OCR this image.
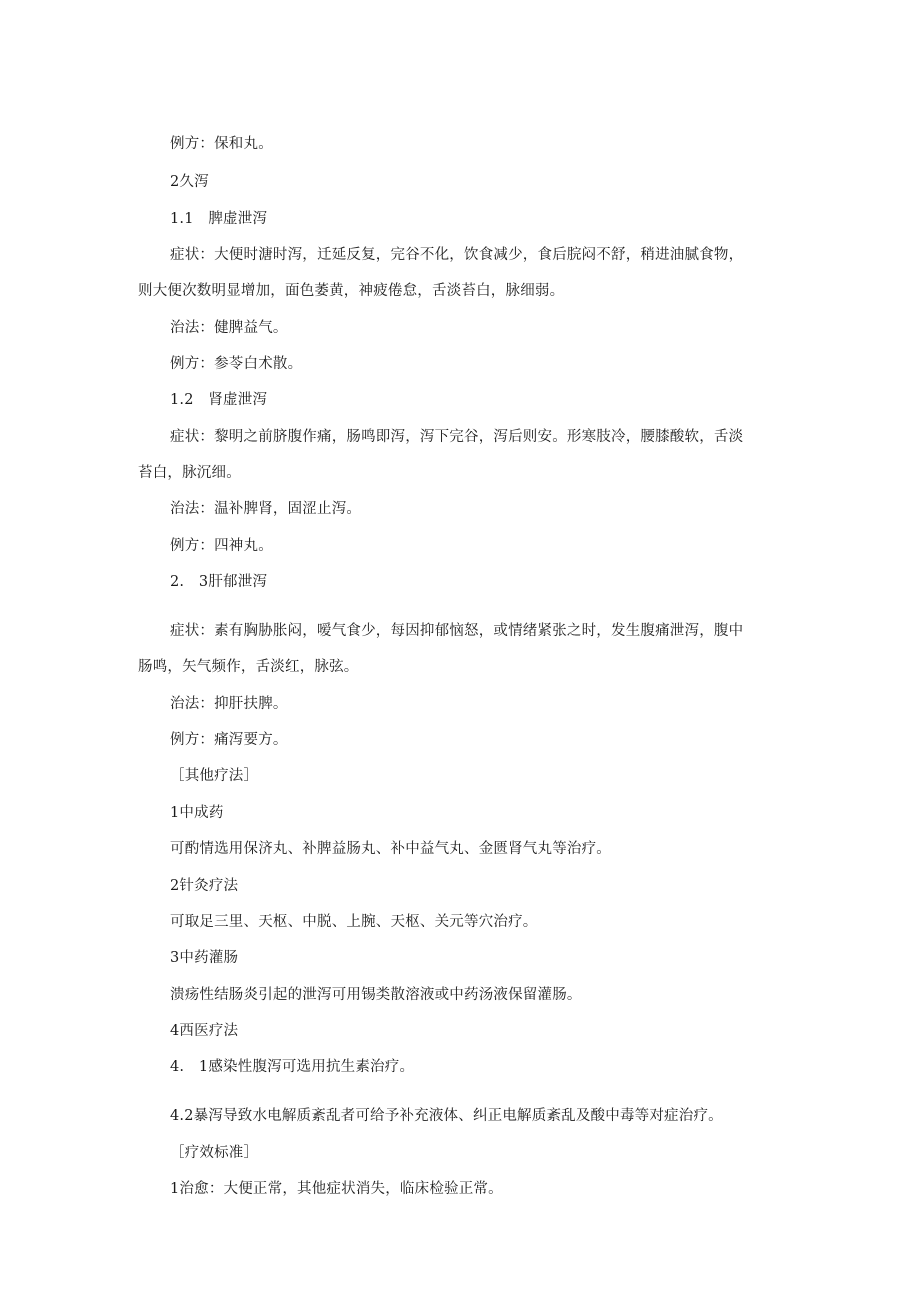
例方：保和丸。
2久泻
1.1　脾虚泄泻
症状：大便时溏时泻，迁延反复，完谷不化，饮食减少，食后脘闷不舒，稍进油腻食物，
则大便次数明显增加，面色萎黄，神疲倦怠，舌淡苔白，脉细弱。
治法：健脾益气。
例方：参苓白术散。
1.2　肾虚泄泻
症状：黎明之前脐腹作痛，肠鸣即泻，泻下完谷，泻后则安。形寒肢冷，腰膝酸软，舌淡
苔白，脉沉细。
治法：温补脾肾，固涩止泻。
例方：四神丸。
2.　3肝郁泄泻
症状：素有胸胁胀闷，嗳气食少，每因抑郁恼怒，或情绪紧张之时，发生腹痛泄泻，腹中
肠鸣，矢气频作，舌淡红，脉弦。
治法：抑肝扶脾。
例方：痛泻要方。
［其他疗法］
1中成药
可酌情选用保济丸、补脾益肠丸、补中益气丸、金匮肾气丸等治疗。
2针灸疗法
可取足三里、天枢、中脱、上腕、天枢、关元等穴治疗。
3中药灌肠
溃疡性结肠炎引起的泄泻可用锡类散溶液或中药汤液保留灌肠。
4西医疗法
4.　1感染性腹泻可选用抗生素治疗。
4.2暴泻导致水电解质紊乱者可给予补充液体、纠正电解质紊乱及酸中毒等对症治疗。
［疗效标准］
1治愈：大便正常，其他症状消失，临床检验正常。
